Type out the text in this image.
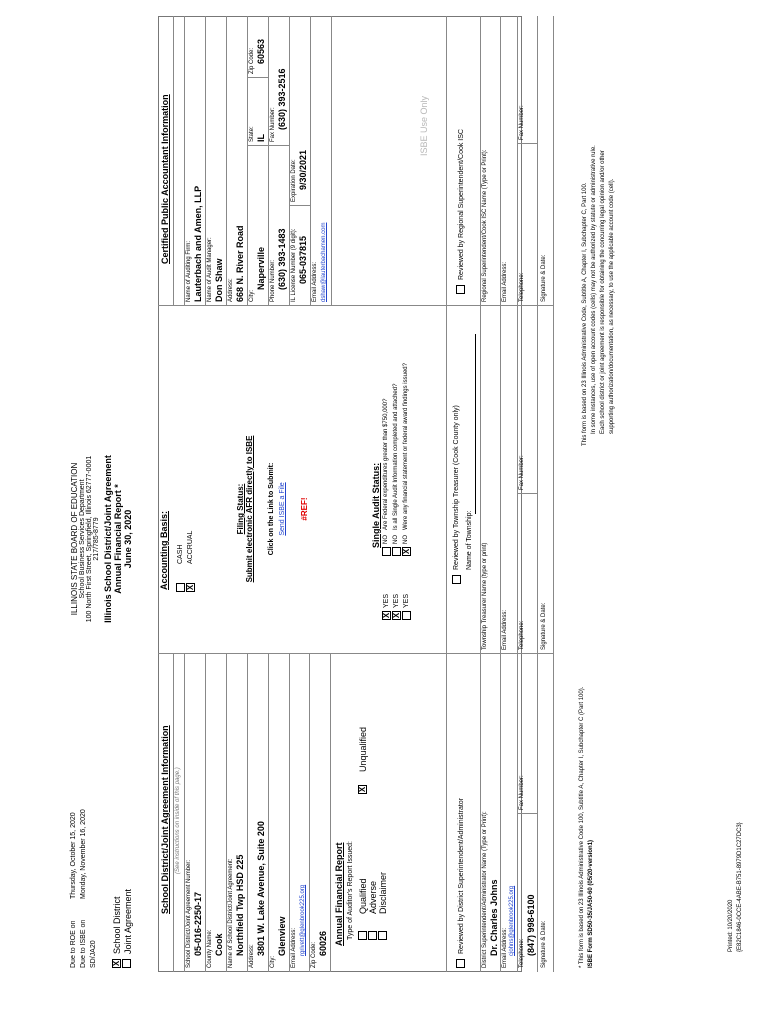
Due to ROE on
Thursday, October 15, 2020
Due to ISBE on
Monday, November 16, 2020
SD/JA20 X
School District Joint Agreement
ILLINOIS STATE BOARD OF EDUCATION School Business Services Department 100 North First Street, Springfield, Illinois 62777-0001 217/785-8779 Illinois School District/Joint Agreement Annual Financial Report * June 30, 2020	Accounting Basis: X
CASH ACCRUAL
Filing Status: Submit electronic AFR directly to ISBE Click on the Link to Submit: Send ISBE a File #REF!
School District/Joint Agreement Information (See instructions on inside of this page.)
School District/Joint Agreement Number: 05-016-2250-17 County Name: Cook Name of School District/Joint Agreement: Northfield Twp HSD 225
Address:
3801 W. Lake Avenue, Suite 200
City:
Glenview Email Address: rgrivett@glenbrook225.org Zip Code: 60026 Annual Financial Report Type of Auditor's Report Issued: Qualified Adverse Disclaimer
X
Unqualified
Single Audit Status:
X X
YES YES YES
X
NO NO NO
Are Federal expenditures greater than $750,000? Is all Single Audit Information completed and attached? Were any financial statement or federal award findings issued?
Certified Public Accountant Information
Name of Auditing Firm: Lauterbach and Amen, LLP Name of Audit Manager: Don Shaw Address: 668 N. River Road City:
Naperville
State: IL
Zip Code: 60563
Phone Number: (630) 393-1483
Fax Number: (630) 393-2516
IL License Number (9 digit): 065-037815
Expiration Date: 9/30/2021
Email Address: dshaw@lauterbachamen.com
ISBE Use Only
Reviewed by District Superintendent/Administrator
Reviewed by Township Treasurer (Cook County only) Name of Township:
Reviewed by Regional Superintendent/Cook ISC
District Superintendent/Administrator Name (Type or Print): Dr. Charles Johns
Township Treasurer Name (type or print)
Regional Superintendent/Cook ISC Name (Type or Print):
Email Address: cjohns@glenbrook225.org
Email Address:
Email Address:
Telephone: (847) 998-6100
Fax Number:
Telephone:
Fax Number:
Telephone:
Fax Number:
Signature & Date:
Signature & Date:
Signature & Date:
* This form is based on 23 Illinois Administrative Code 100, Subtitle A, Chapter I, Subchapter C (Part 100). ISBE Form SD50-35/JA50-60 (05/20-version1)
This form is based on 23 Illinois Administrative Code, Subtitle A, Chapter I, Subchapter C, Part 100. In some instances, use of open account codes (cells) may not be authorized by statute or administrative rule. Each school district or joint agreement is responsible for obtaining the concurring legal opinion and/or other supporting authorization/documentation, as necessary, to use the applicable account code (cell).
Printed: 10/20/2020 {E82C1846-0CCE-4ABE-B751-8979D1C27DC3}
